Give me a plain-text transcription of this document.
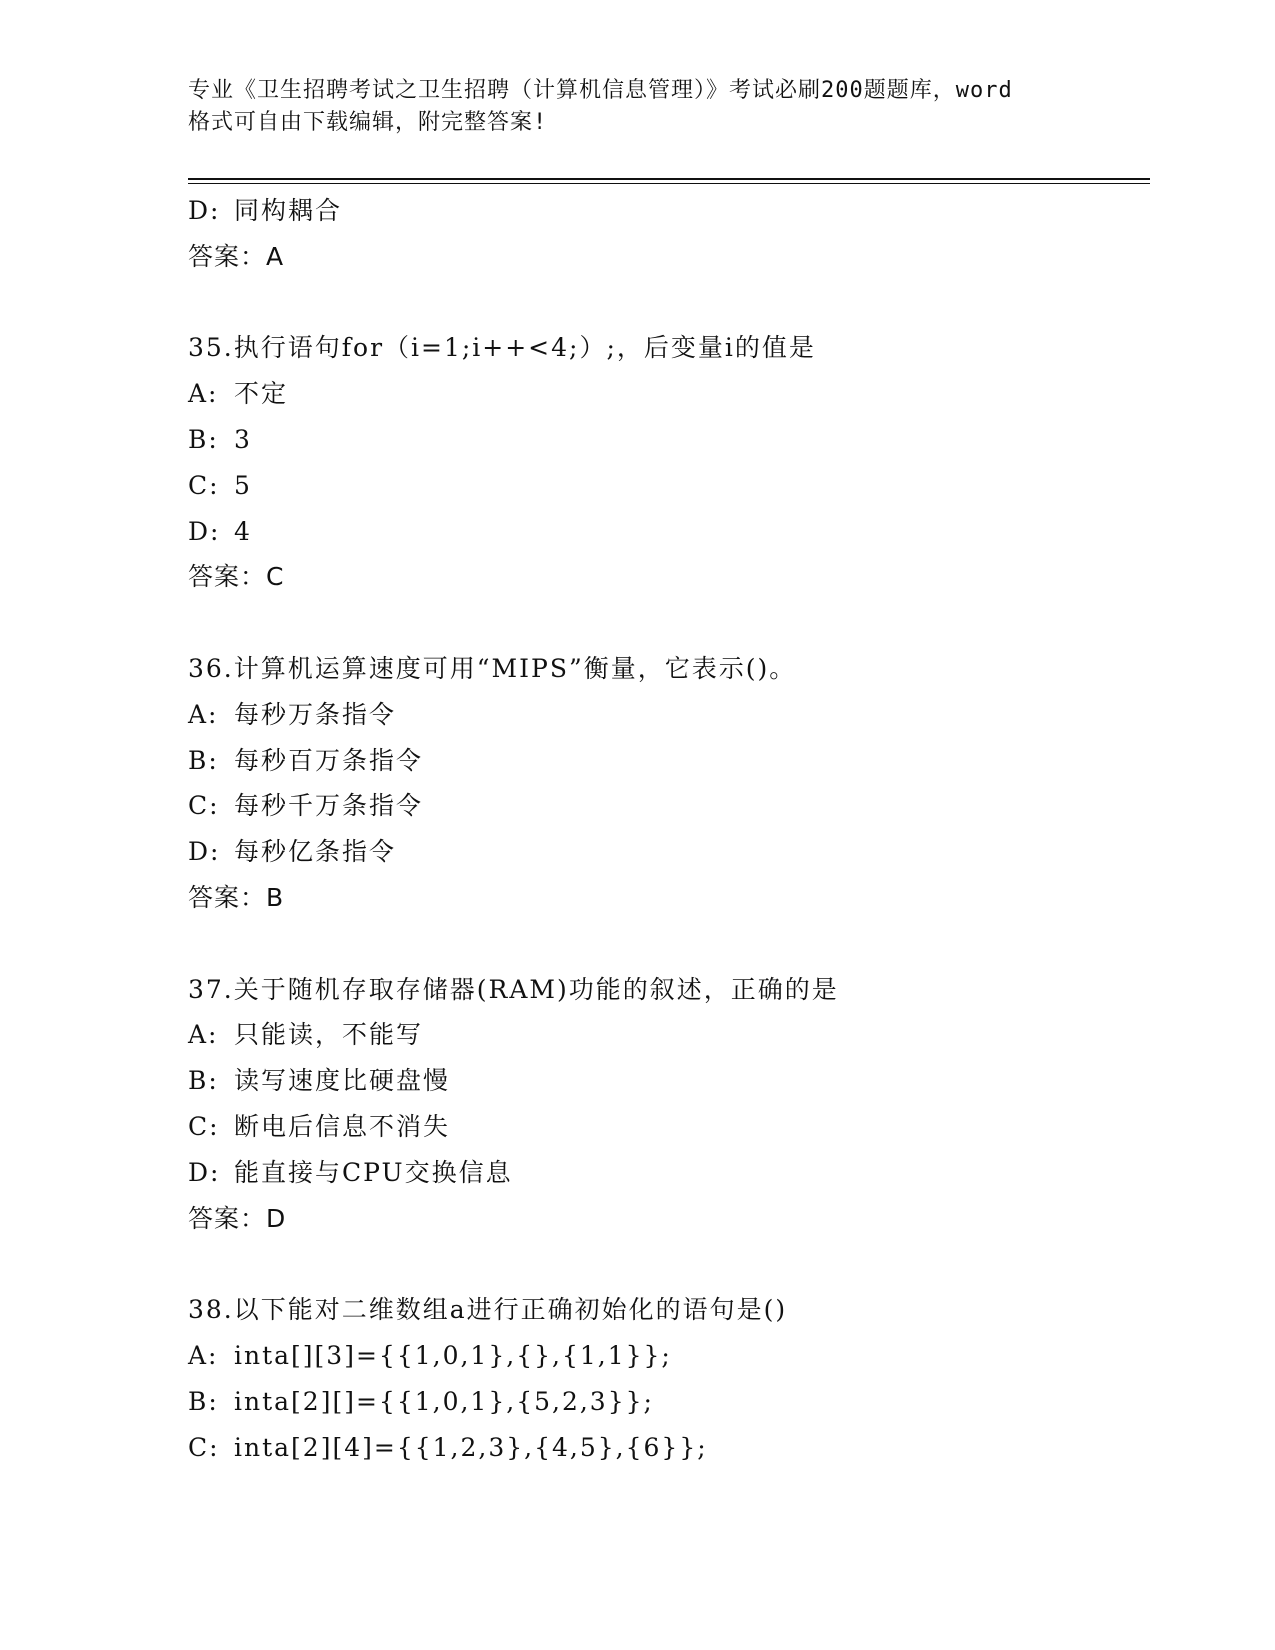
专业《卫生招聘考试之卫生招聘（计算机信息管理）》考试必刷200题题库，word
格式可自由下载编辑，附完整答案!
D: 同构耦合
答案：A
35.执行语句for（i=1;i++<4;）;，后变量i的值是
A: 不定
B: 3
C: 5
D: 4
答案：C
36.计算机运算速度可用“MIPS”衡量，它表示()。
A: 每秒万条指令
B: 每秒百万条指令
C: 每秒千万条指令
D: 每秒亿条指令
答案：B
37.关于随机存取存储器(RAM)功能的叙述，正确的是
A: 只能读，不能写
B: 读写速度比硬盘慢
C: 断电后信息不消失
D: 能直接与CPU交换信息
答案：D
38.以下能对二维数组a进行正确初始化的语句是()
A: inta[][3]={{1,0,1},{},{1,1}};
B: inta[2][]={{1,0,1},{5,2,3}};
C: inta[2][4]={{1,2,3},{4,5},{6}};
